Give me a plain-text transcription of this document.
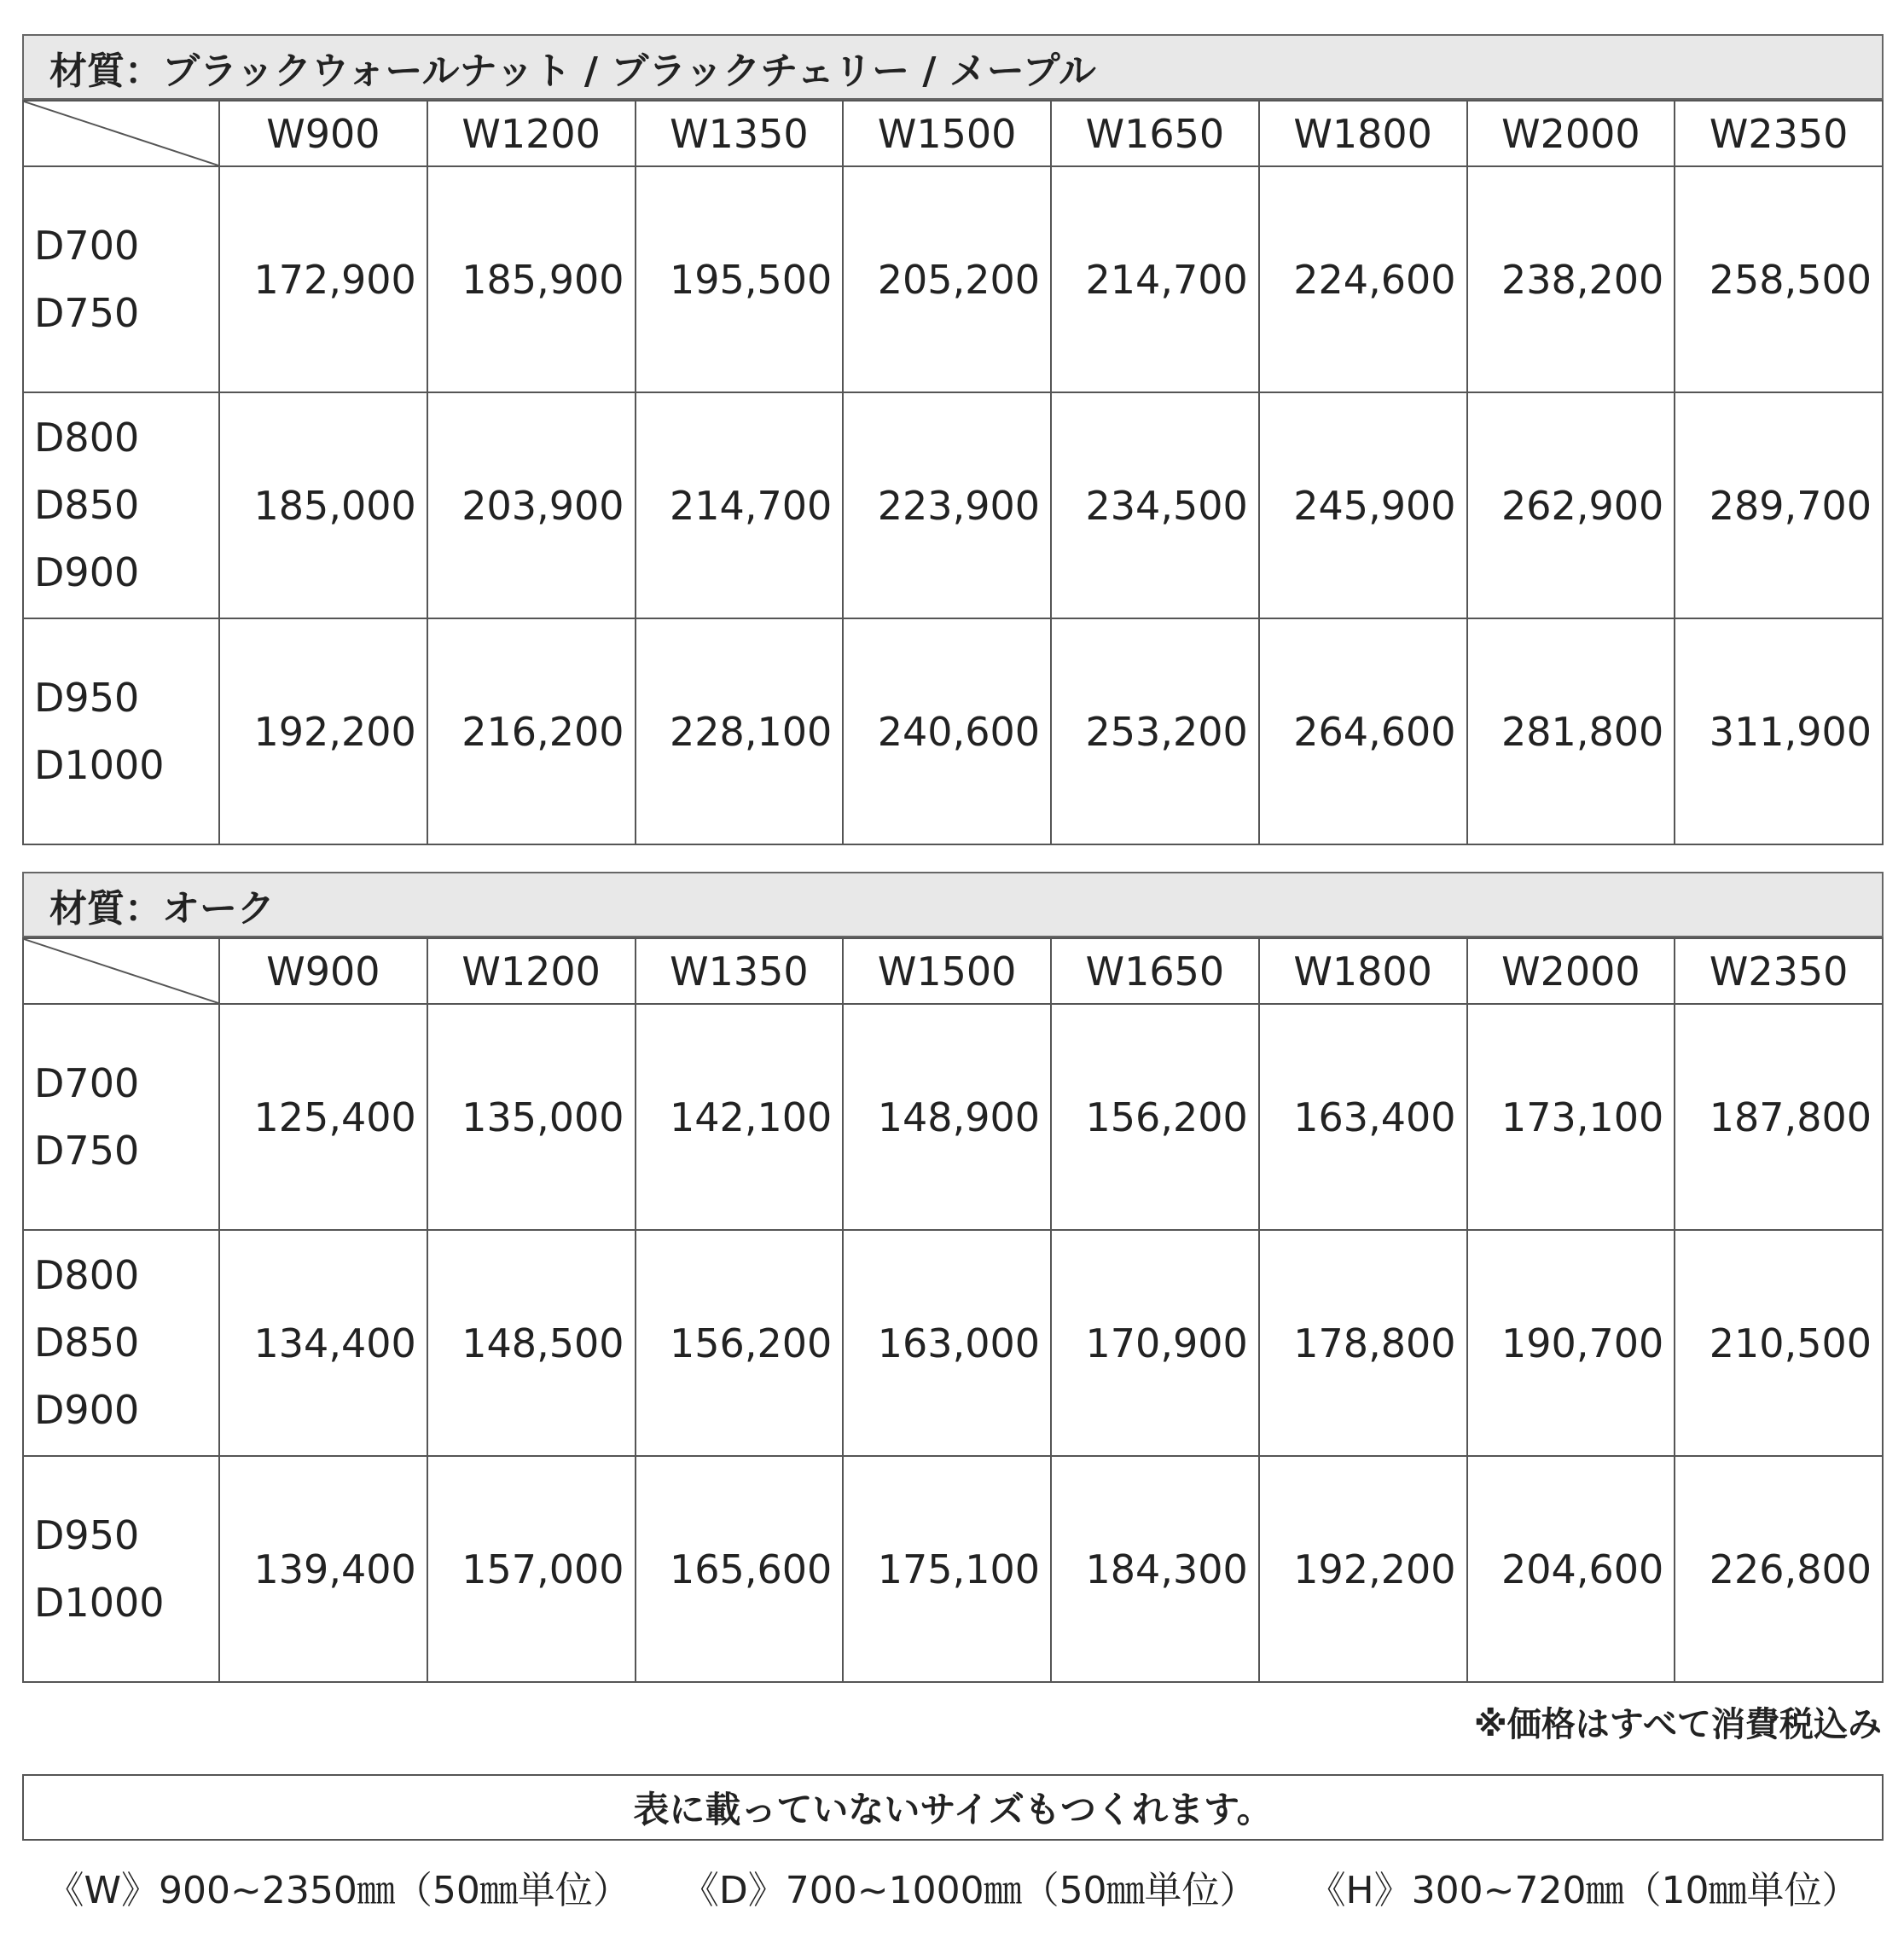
材質：ブラックウォールナット / ブラックチェリー / メープル
	W900	W1200	W1350	W1500	W1650	W1800	W2000	W2350

D700
D750	172,900	185,900	195,500	205,200	214,700	224,600	238,200	258,500

D800
D850
D900	185,000	203,900	214,700	223,900	234,500	245,900	262,900	289,700

D950
D1000	192,200	216,200	228,100	240,600	253,200	264,600	281,800	311,900
材質：オーク
	W900	W1200	W1350	W1500	W1650	W1800	W2000	W2350

D700
D750	125,400	135,000	142,100	148,900	156,200	163,400	173,100	187,800

D800
D850
D900	134,400	148,500	156,200	163,000	170,900	178,800	190,700	210,500

D950
D1000	139,400	157,000	165,600	175,100	184,300	192,200	204,600	226,800
※価格はすべて消費税込み
表に載っていないサイズもつくれます。
《W》900~2350㎜（50㎜単位） 《D》700~1000㎜（50㎜単位） 《H》300~720㎜（10㎜単位）
